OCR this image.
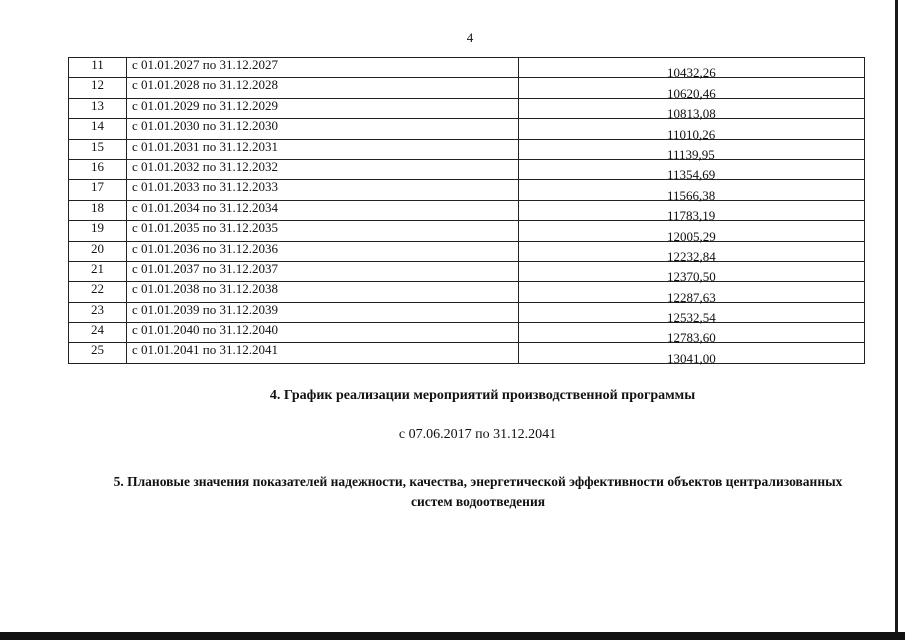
4
11	с 01.01.2027 по 31.12.2027	10432,26
12	с 01.01.2028 по 31.12.2028	10620,46
13	с 01.01.2029 по 31.12.2029	10813,08
14	с 01.01.2030 по 31.12.2030	11010,26
15	с 01.01.2031 по 31.12.2031	11139,95
16	с 01.01.2032 по 31.12.2032	11354,69
17	с 01.01.2033 по 31.12.2033	11566,38
18	с 01.01.2034 по 31.12.2034	11783,19
19	с 01.01.2035 по 31.12.2035	12005,29
20	с 01.01.2036 по 31.12.2036	12232,84
21	с 01.01.2037 по 31.12.2037	12370,50
22	с 01.01.2038 по 31.12.2038	12287,63
23	с 01.01.2039 по 31.12.2039	12532,54
24	с 01.01.2040 по 31.12.2040	12783,60
25	с 01.01.2041 по 31.12.2041	13041,00
4. График реализации мероприятий производственной программы
с 07.06.2017 по 31.12.2041
5. Плановые значения показателей надежности, качества, энергетической эффективности объектов централизованных систем водоотведения
